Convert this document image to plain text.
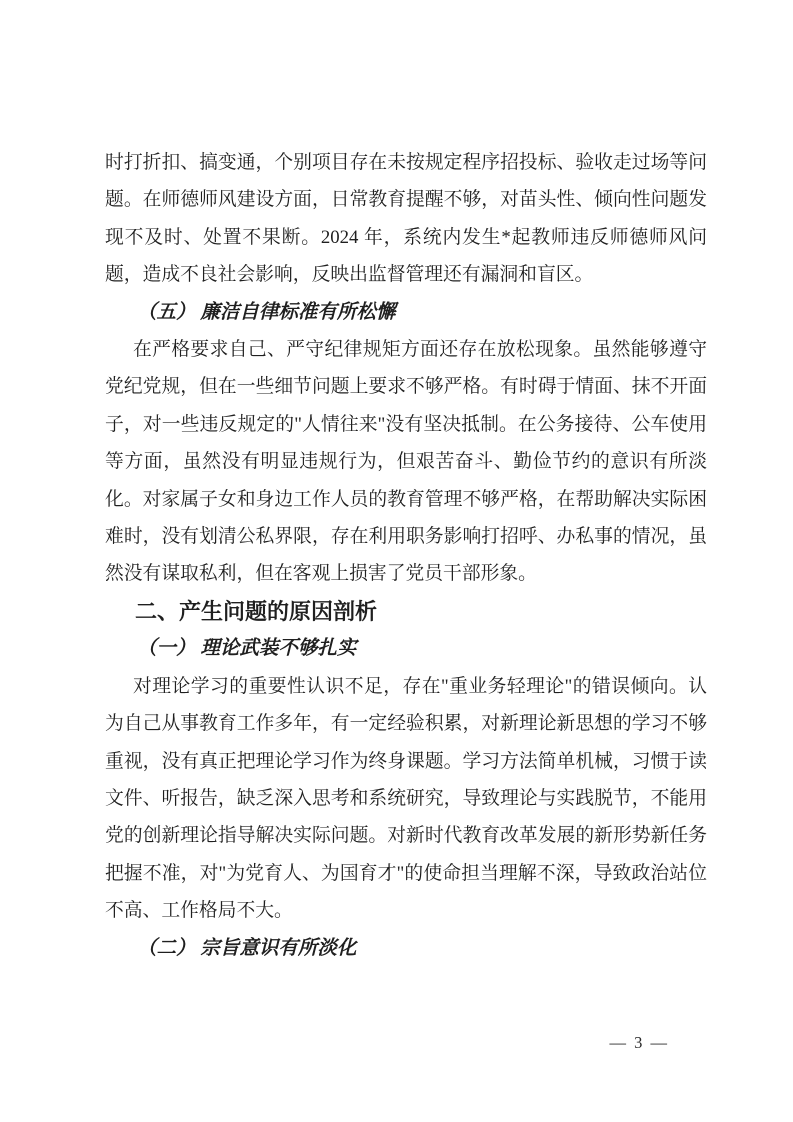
时打折扣、搞变通，个别项目存在未按规定程序招投标、验收走过场等问题。在师德师风建设方面，日常教育提醒不够，对苗头性、倾向性问题发现不及时、处置不果断。2024 年，系统内发生*起教师违反师德师风问题，造成不良社会影响，反映出监督管理还有漏洞和盲区。

（五） 廉洁自律标准有所松懈

在严格要求自己、严守纪律规矩方面还存在放松现象。虽然能够遵守党纪党规，但在一些细节问题上要求不够严格。有时碍于情面、抹不开面子，对一些违反规定的"人情往来"没有坚决抵制。在公务接待、公车使用等方面，虽然没有明显违规行为，但艰苦奋斗、勤俭节约的意识有所淡化。对家属子女和身边工作人员的教育管理不够严格，在帮助解决实际困难时，没有划清公私界限，存在利用职务影响打招呼、办私事的情况，虽然没有谋取私利，但在客观上损害了党员干部形象。

二、产生问题的原因剖析

（一） 理论武装不够扎实

对理论学习的重要性认识不足，存在"重业务轻理论"的错误倾向。认为自己从事教育工作多年，有一定经验积累，对新理论新思想的学习不够重视，没有真正把理论学习作为终身课题。学习方法简单机械，习惯于读文件、听报告，缺乏深入思考和系统研究，导致理论与实践脱节，不能用党的创新理论指导解决实际问题。对新时代教育改革发展的新形势新任务把握不准，对"为党育人、为国育才"的使命担当理解不深，导致政治站位不高、工作格局不大。

（二） 宗旨意识有所淡化

— 3 —
